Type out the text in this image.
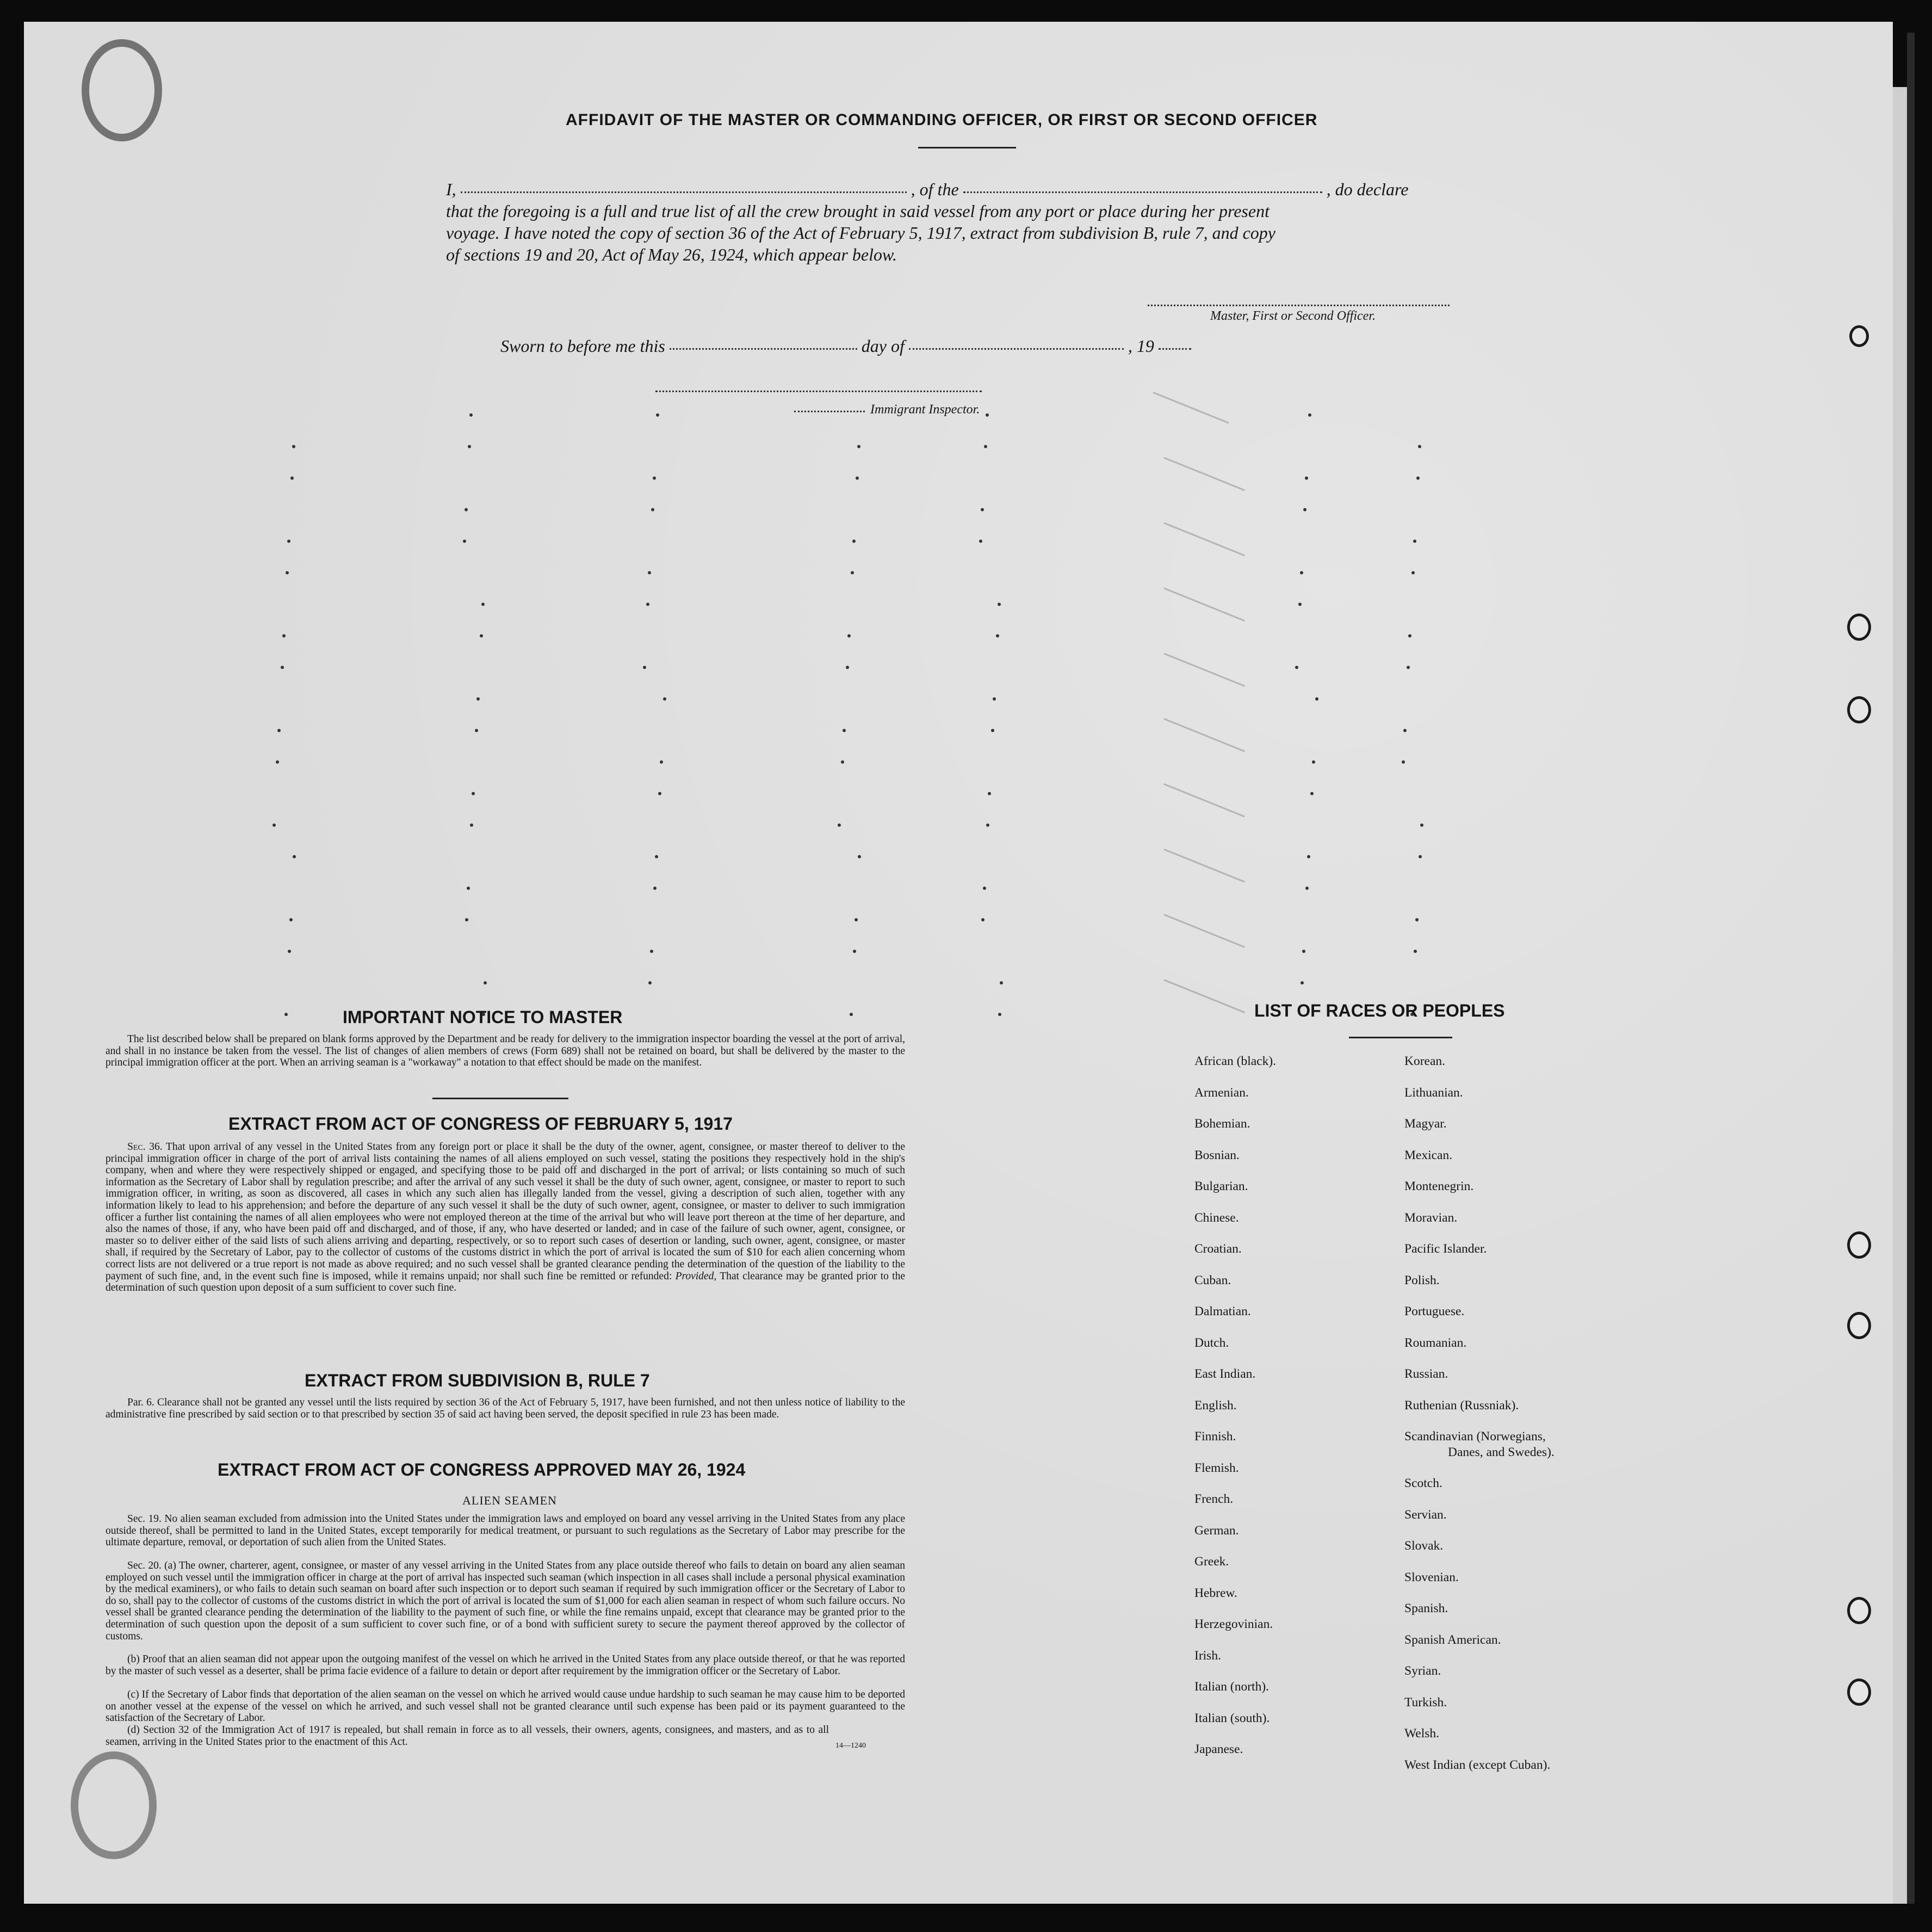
AFFIDAVIT OF THE MASTER OR COMMANDING OFFICER, OR FIRST OR SECOND OFFICER
I,	, of the	, do declare
that the foregoing is a full and true list of all the crew brought in said vessel from any port or place during her present
voyage. I have noted the copy of section 36 of the Act of February 5, 1917, extract from subdivision B, rule 7, and copy
of sections 19 and 20, Act of May 26, 1924, which appear below.
Master, First or Second Officer.
Sworn to before me this	day of	, 19
Immigrant Inspector.
IMPORTANT NOTICE TO MASTER
The list described below shall be prepared on blank forms approved by the Department and be ready for delivery to the immigration inspector boarding the vessel at the port of arrival, and shall in no instance be taken from the vessel. The list of changes of alien members of crews (Form 689) shall not be retained on board, but shall be delivered by the master to the principal immigration officer at the port. When an arriving seaman is a "workaway" a notation to that effect should be made on the manifest.
EXTRACT FROM ACT OF CONGRESS OF FEBRUARY 5, 1917
Sec. 36. That upon arrival of any vessel in the United States from any foreign port or place it shall be the duty of the owner, agent, consignee, or master thereof to deliver to the principal immigration officer in charge of the port of arrival lists containing the names of all aliens employed on such vessel, stating the positions they respectively hold in the ship's company, when and where they were respectively shipped or engaged, and specifying those to be paid off and discharged in the port of arrival; or lists containing so much of such information as the Secretary of Labor shall by regulation prescribe; and after the arrival of any such vessel it shall be the duty of such owner, agent, consignee, or master to report to such immigration officer, in writing, as soon as discovered, all cases in which any such alien has illegally landed from the vessel, giving a description of such alien, together with any information likely to lead to his apprehension; and before the departure of any such vessel it shall be the duty of such owner, agent, consignee, or master to deliver to such immigration officer a further list containing the names of all alien employees who were not employed thereon at the time of the arrival but who will leave port thereon at the time of her departure, and also the names of those, if any, who have been paid off and discharged, and of those, if any, who have deserted or landed; and in case of the failure of such owner, agent, consignee, or master so to deliver either of the said lists of such aliens arriving and departing, respectively, or so to report such cases of desertion or landing, such owner, agent, consignee, or master shall, if required by the Secretary of Labor, pay to the collector of customs of the customs district in which the port of arrival is located the sum of $10 for each alien concerning whom correct lists are not delivered or a true report is not made as above required; and no such vessel shall be granted clearance pending the determination of the question of the liability to the payment of such fine, and, in the event such fine is imposed, while it remains unpaid; nor shall such fine be remitted or refunded: Provided, That clearance may be granted prior to the determination of such question upon deposit of a sum sufficient to cover such fine.
EXTRACT FROM SUBDIVISION B, RULE 7
Par. 6. Clearance shall not be granted any vessel until the lists required by section 36 of the Act of February 5, 1917, have been furnished, and not then unless notice of liability to the administrative fine prescribed by said section or to that prescribed by section 35 of said act having been served, the deposit specified in rule 23 has been made.
EXTRACT FROM ACT OF CONGRESS APPROVED MAY 26, 1924
ALIEN SEAMEN
Sec. 19. No alien seaman excluded from admission into the United States under the immigration laws and employed on board any vessel arriving in the United States from any place outside thereof, shall be permitted to land in the United States, except temporarily for medical treatment, or pursuant to such regulations as the Secretary of Labor may prescribe for the ultimate departure, removal, or deportation of such alien from the United States.
Sec. 20. (a) The owner, charterer, agent, consignee, or master of any vessel arriving in the United States from any place outside thereof who fails to detain on board any alien seaman employed on such vessel until the immigration officer in charge at the port of arrival has inspected such seaman (which inspection in all cases shall include a personal physical examination by the medical examiners), or who fails to detain such seaman on board after such inspection or to deport such seaman if required by such immigration officer or the Secretary of Labor to do so, shall pay to the collector of customs of the customs district in which the port of arrival is located the sum of $1,000 for each alien seaman in respect of whom such failure occurs. No vessel shall be granted clearance pending the determination of the liability to the payment of such fine, or while the fine remains unpaid, except that clearance may be granted prior to the determination of such question upon the deposit of a sum sufficient to cover such fine, or of a bond with sufficient surety to secure the payment thereof approved by the collector of customs.
(b) Proof that an alien seaman did not appear upon the outgoing manifest of the vessel on which he arrived in the United States from any place outside thereof, or that he was reported by the master of such vessel as a deserter, shall be prima facie evidence of a failure to detain or deport after requirement by the immigration officer or the Secretary of Labor.
(c) If the Secretary of Labor finds that deportation of the alien seaman on the vessel on which he arrived would cause undue hardship to such seaman he may cause him to be deported on another vessel at the expense of the vessel on which he arrived, and such vessel shall not be granted clearance until such expense has been paid or its payment guaranteed to the satisfaction of the Secretary of Labor.
(d) Section 32 of the Immigration Act of 1917 is repealed, but shall remain in force as to all vessels, their owners, agents, consignees, and masters, and as to all seamen, arriving in the United States prior to the enactment of this Act.	14—1240
LIST OF RACES OR PEOPLES
African (black).
Armenian.
Bohemian.
Bosnian.
Bulgarian.
Chinese.
Croatian.
Cuban.
Dalmatian.
Dutch.
East Indian.
English.
Finnish.
Flemish.
French.
German.
Greek.
Hebrew.
Herzegovinian.
Irish.
Italian (north).
Italian (south).
Japanese.
Korean.
Lithuanian.
Magyar.
Mexican.
Montenegrin.
Moravian.
Pacific Islander.
Polish.
Portuguese.
Roumanian.
Russian.
Ruthenian (Russniak).
Scandinavian (Norwegians,
Danes, and Swedes).
Scotch.
Servian.
Slovak.
Slovenian.
Spanish.
Spanish American.
Syrian.
Turkish.
Welsh.
West Indian (except Cuban).
